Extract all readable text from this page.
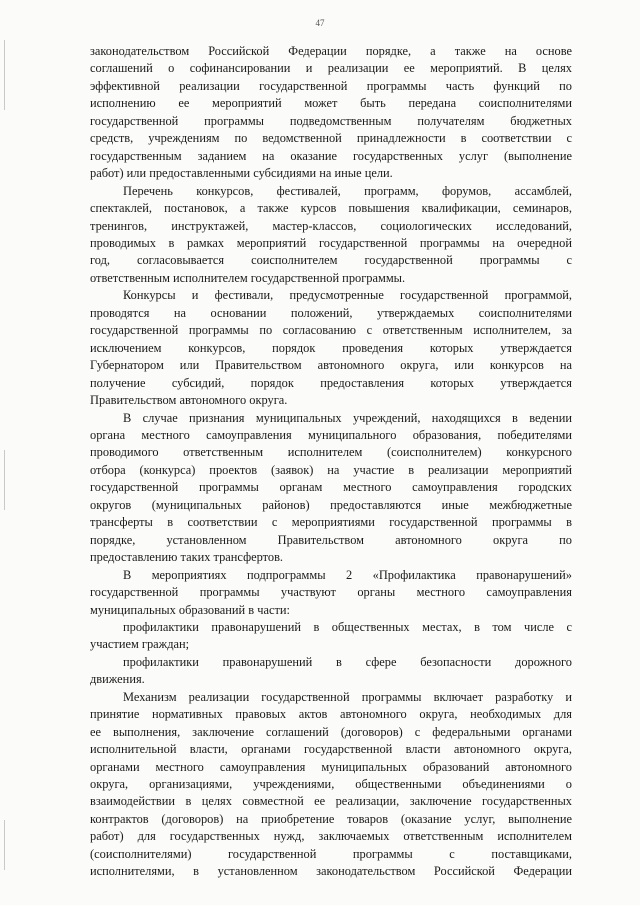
47

законодательством Российской Федерации порядке, а также на основе

соглашений о софинансировании и реализации ее мероприятий. В целях

эффективной реализации государственной программы часть функций по

исполнению ее мероприятий может быть передана соисполнителями

государственной программы подведомственным получателям бюджетных

средств, учреждениям по ведомственной принадлежности в соответствии с

государственным заданием на оказание государственных услуг (выполнение

работ) или предоставленными субсидиями на иные цели.

Перечень конкурсов, фестивалей, программ, форумов, ассамблей,

спектаклей, постановок, а также курсов повышения квалификации, семинаров,

тренингов, инструктажей, мастер-классов, социологических исследований,

проводимых в рамках мероприятий государственной программы на очередной

год, согласовывается соисполнителем государственной программы с

ответственным исполнителем государственной программы.

Конкурсы и фестивали, предусмотренные государственной программой,

проводятся на основании положений, утверждаемых соисполнителями

государственной программы по согласованию с ответственным исполнителем, за

исключением конкурсов, порядок проведения которых утверждается

Губернатором или Правительством автономного округа, или конкурсов на

получение субсидий, порядок предоставления которых утверждается

Правительством автономного округа.

В случае признания муниципальных учреждений, находящихся в ведении

органа местного самоуправления муниципального образования, победителями

проводимого ответственным исполнителем (соисполнителем) конкурсного

отбора (конкурса) проектов (заявок) на участие в реализации мероприятий

государственной программы органам местного самоуправления городских

округов (муниципальных районов) предоставляются иные межбюджетные

трансферты в соответствии с мероприятиями государственной программы в

порядке, установленном Правительством автономного округа по

предоставлению таких трансфертов.

В мероприятиях подпрограммы 2 «Профилактика правонарушений»

государственной программы участвуют органы местного самоуправления

муниципальных образований в части:

профилактики правонарушений в общественных местах, в том числе с

участием граждан;

профилактики правонарушений в сфере безопасности дорожного

движения.

Механизм реализации государственной программы включает разработку и

принятие нормативных правовых актов автономного округа, необходимых для

ее выполнения, заключение соглашений (договоров) с федеральными органами

исполнительной власти, органами государственной власти автономного округа,

органами местного самоуправления муниципальных образований автономного

округа, организациями, учреждениями, общественными объединениями о

взаимодействии в целях совместной ее реализации, заключение государственных

контрактов (договоров) на приобретение товаров (оказание услуг, выполнение

работ) для государственных нужд, заключаемых ответственным исполнителем

(соисполнителями) государственной программы с поставщиками,

исполнителями, в установленном законодательством Российской Федерации
